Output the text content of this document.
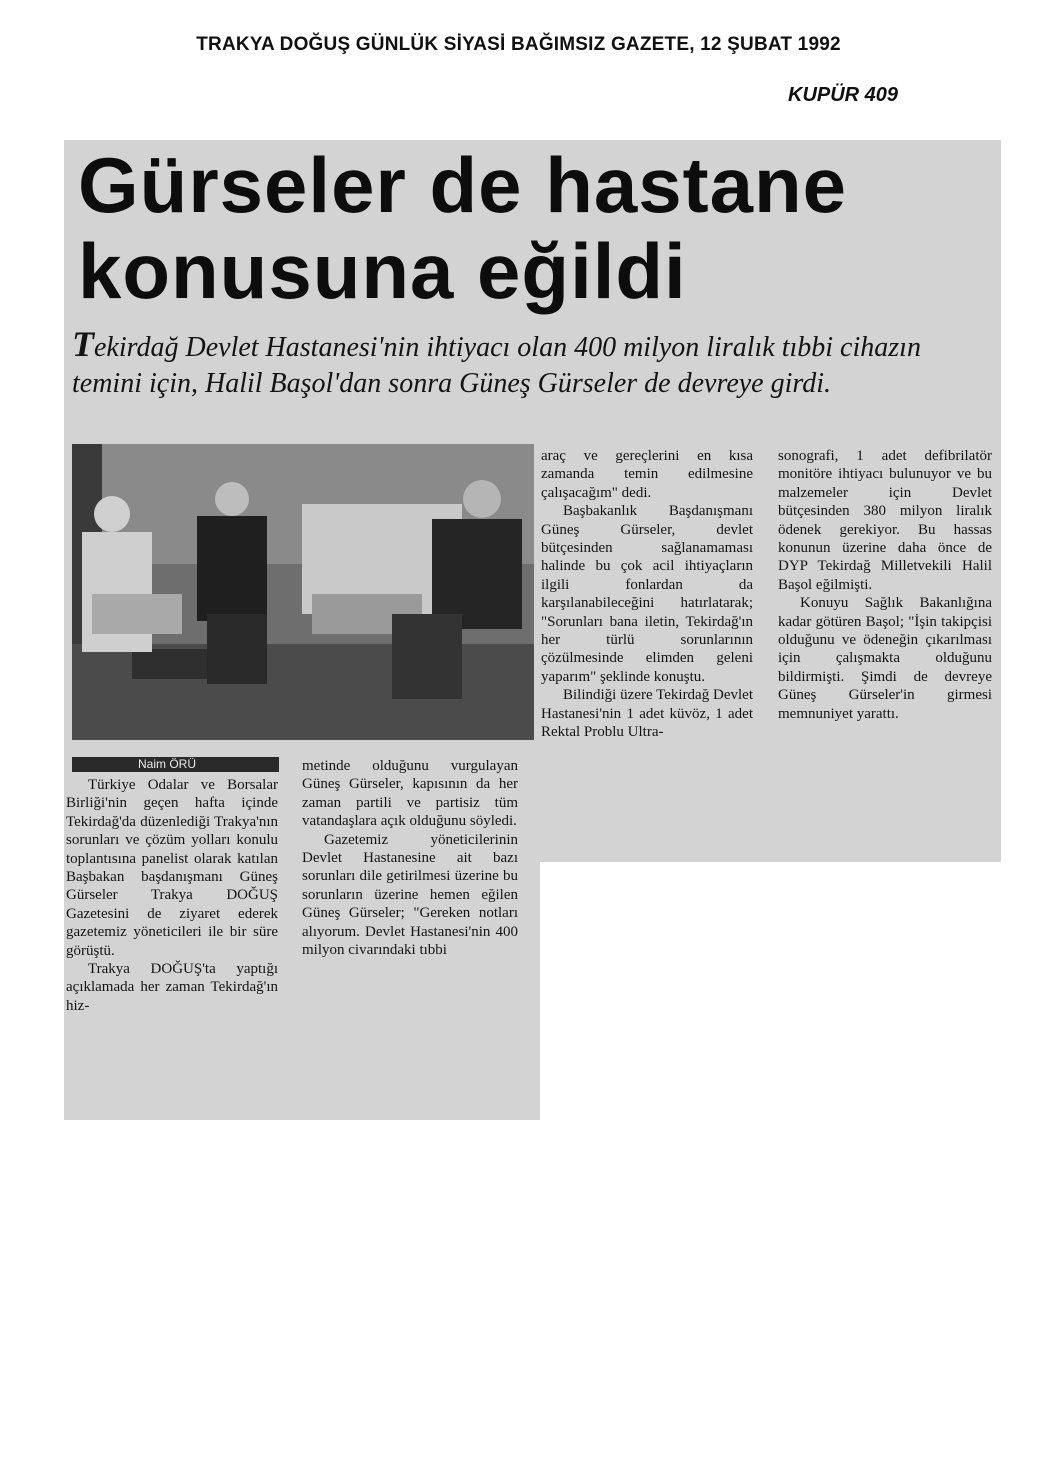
TRAKYA DOĞUŞ GÜNLÜK SİYASİ BAĞIMSIZ GAZETE, 12 ŞUBAT 1992
KUPÜR 409
Gürseler de hastane konusuna eğildi

Tekirdağ Devlet Hastanesi'nin ihtiyacı olan 400 milyon liralık tıbbi cihazın temini için, Halil Başol'dan sonra Güneş Gürseler de devreye girdi.

Naim ÖRÜ

Türkiye Odalar ve Borsalar Birliği'nin geçen hafta içinde Tekirdağ'da düzenlediği Trakya'nın sorunları ve çözüm yolları konulu toplantısına panelist olarak katılan Başbakan başdanışmanı Güneş Gürseler Trakya DOĞUŞ Gazetesini de ziyaret ederek gazetemiz yöneticileri ile bir süre görüştü.

Trakya DOĞUŞ'ta yaptığı açıklamada her zaman Tekirdağ'ın hiz-

metinde olduğunu vurgulayan Güneş Gürseler, kapısının da her zaman partili ve partisiz tüm vatandaşlara açık olduğunu söyledi.

Gazetemiz yöneticilerinin Devlet Hastanesine ait bazı sorunları dile getirilmesi üzerine bu sorunların üzerine hemen eğilen Güneş Gürseler; "Gereken notları alıyorum. Devlet Hastanesi'nin 400 milyon civarındaki tıbbi

araç ve gereçlerini en kısa zamanda temin edilmesine çalışacağım" dedi.

Başbakanlık Başdanışmanı Güneş Gürseler, devlet bütçesinden sağlanamaması halinde bu çok acil ihtiyaçların ilgili fonlardan da karşılanabileceğini hatırlatarak; "Sorunları bana iletin, Tekirdağ'ın her türlü sorunlarının çözülmesinde elimden geleni yaparım" şeklinde konuştu.

Bilindiği üzere Tekirdağ Devlet Hastanesi'nin 1 adet küvöz, 1 adet Rektal Problu Ultra-

sonografi, 1 adet defibrilatör monitöre ihtiyacı bulunuyor ve bu malzemeler için Devlet bütçesinden 380 milyon liralık ödenek gerekiyor. Bu hassas konunun üzerine daha önce de DYP Tekirdağ Milletvekili Halil Başol eğilmişti.

Konuyu Sağlık Bakanlığına kadar götüren Başol; "İşin takipçisi olduğunu ve ödeneğin çıkarılması için çalışmakta olduğunu bildirmişti. Şimdi de devreye Güneş Gürseler'in girmesi memnuniyet yarattı.
